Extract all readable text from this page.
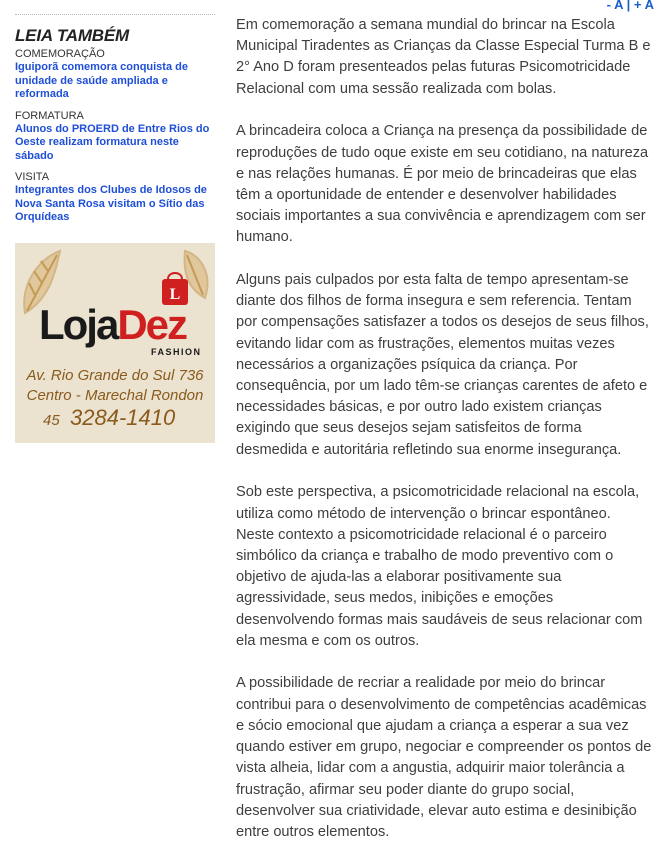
- A | + A
LEIA TAMBÉM
COMEMORAÇÃO
Iguiporã comemora conquista de unidade de saúde ampliada e reformada
FORMATURA
Alunos do PROERD de Entre Rios do Oeste realizam formatura neste sábado
VISITA
Integrantes dos Clubes de Idosos de Nova Santa Rosa visitam o Sítio das Orquídeas
L
LojaDez
FASHION
Av. Rio Grande do Sul 736
Centro - Marechal Rondon
45 3284-1410

Em comemoração a semana mundial do brincar na Escola Municipal Tiradentes as Crianças da Classe Especial Turma B e 2° Ano D foram presenteados pelas futuras Psicomotricidade Relacional com uma sessão realizada com bolas.

A brincadeira coloca a Criança na presença da possibilidade de reproduções de tudo oque existe em seu cotidiano, na natureza e nas relações humanas. É por meio de brincadeiras que elas têm a oportunidade de entender e desenvolver habilidades sociais importantes a sua convivência e aprendizagem com ser humano.

Alguns pais culpados por esta falta de tempo apresentam-se diante dos filhos de forma insegura e sem referencia. Tentam por compensações satisfazer a todos os desejos de seus filhos, evitando lidar com as frustrações, elementos muitas vezes necessários a organizações psíquica da criança. Por consequência, por um lado têm-se crianças carentes de afeto e necessidades básicas, e por outro lado existem crianças exigindo que seus desejos sejam satisfeitos de forma desmedida e autoritária refletindo sua enorme insegurança.

Sob este perspectiva, a psicomotricidade relacional na escola, utiliza como método de intervenção o brincar espontâneo. Neste contexto a psicomotricidade relacional é o parceiro simbólico da criança e trabalho de modo preventivo com o objetivo de ajuda-las a elaborar positivamente sua agressividade, seus medos, inibições e emoções desenvolvendo formas mais saudáveis de seus relacionar com ela mesma e com os outros.

A possibilidade de recriar a realidade por meio do brincar contribui para o desenvolvimento de competências acadêmicas e sócio emocional que ajudam a criança a esperar a sua vez quando estiver em grupo, negociar e compreender os pontos de vista alheia, lidar com a angustia, adquirir maior tolerância a frustração, afirmar seu poder diante do grupo social, desenvolver sua criatividade, elevar auto estima e desinibição entre outros elementos.
